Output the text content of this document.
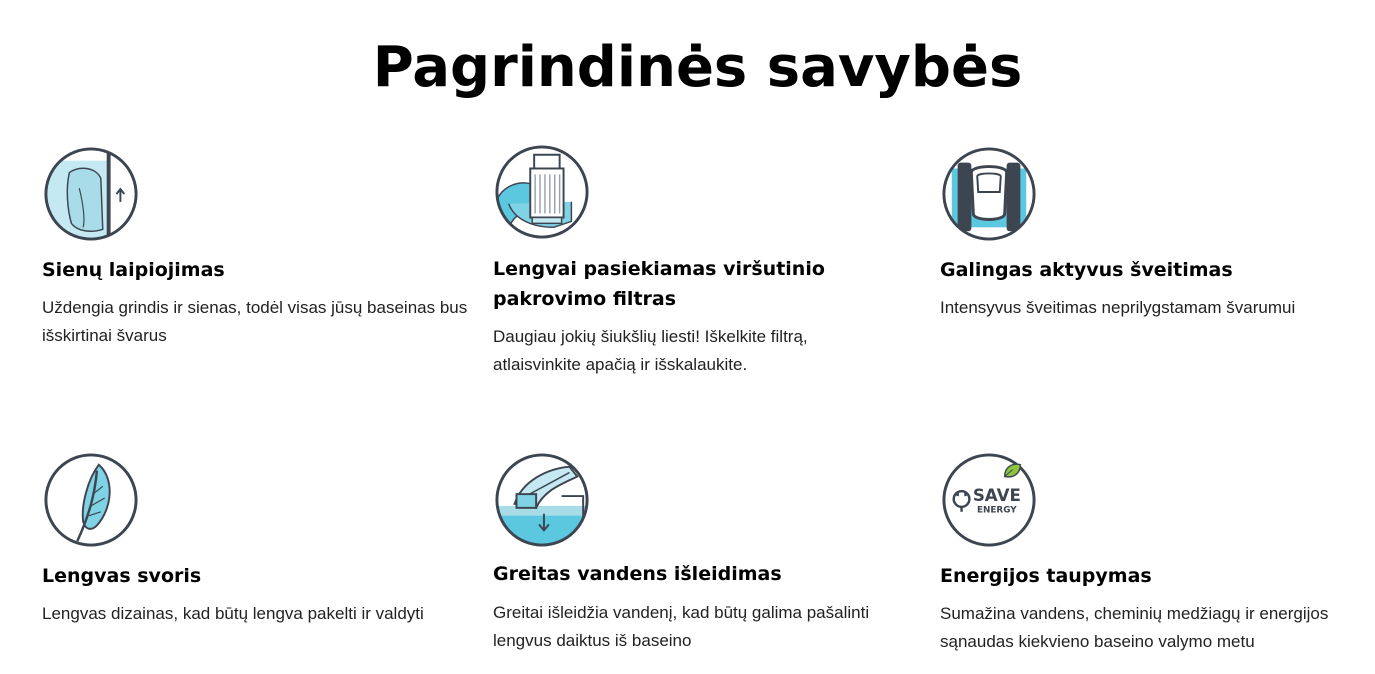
Pagrindinės savybės
Sienų laipiojimas
Uždengia grindis ir sienas, todėl visas jūsų baseinas bus išskirtinai švarus
Lengvai pasiekiamas viršutinio pakrovimo filtras
Daugiau jokių šiukšlių liesti! Iškelkite filtrą, atlaisvinkite apačią ir išskalaukite.
Galingas aktyvus šveitimas
Intensyvus šveitimas neprilygstamam švarumui
Lengvas svoris
Lengvas dizainas, kad būtų lengva pakelti ir valdyti
Greitas vandens išleidimas
Greitai išleidžia vandenį, kad būtų galima pašalinti lengvus daiktus iš baseino
SAVE
ENERGY
Energijos taupymas
Sumažina vandens, cheminių medžiagų ir energijos sąnaudas kiekvieno baseino valymo metu
